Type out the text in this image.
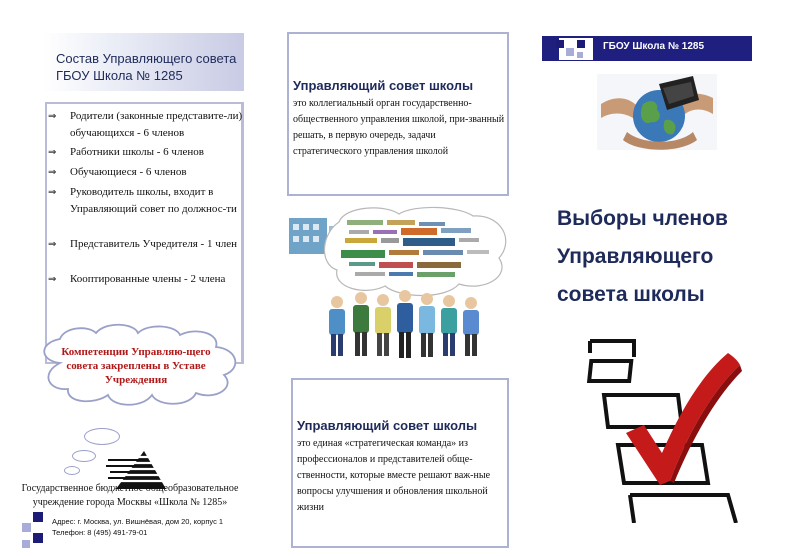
Состав Управляющего совета ГБОУ Школа № 1285
⇒	Родители (законные представите-ли) обучающихся - 6 членов
⇒	Работники школы - 6 членов
⇒	Обучающиеся - 6 членов
⇒	Руководитель школы, входит в Управляющий совет по должнос-ти
⇒	Представитель Учредителя - 1 член
⇒	Кооптированные члены - 2 члена
Компетенции Управляю-щего совета закреплены в Уставе Учреждения
Государственное бюджетное общеобразовательное учреждение города Москвы «Школа № 1285»
Адрес: г. Москва, ул. Вишнёвая, дом 20, корпус 1
Телефон: 8 (495) 491-79-01
Управляющий совет школы
это коллегиальный орган государственно-общественного управления школой, при-званный решать, в первую очередь, задачи стратегического управления школой
Управляющий совет школы
это единая «стратегическая команда» из профессионалов и представителей обще-ственности, которые вместе решают важ-ные вопросы улучшения и обновления школьной жизни
ГБОУ Школа № 1285
Выборы членов
Управляющего
совета школы
